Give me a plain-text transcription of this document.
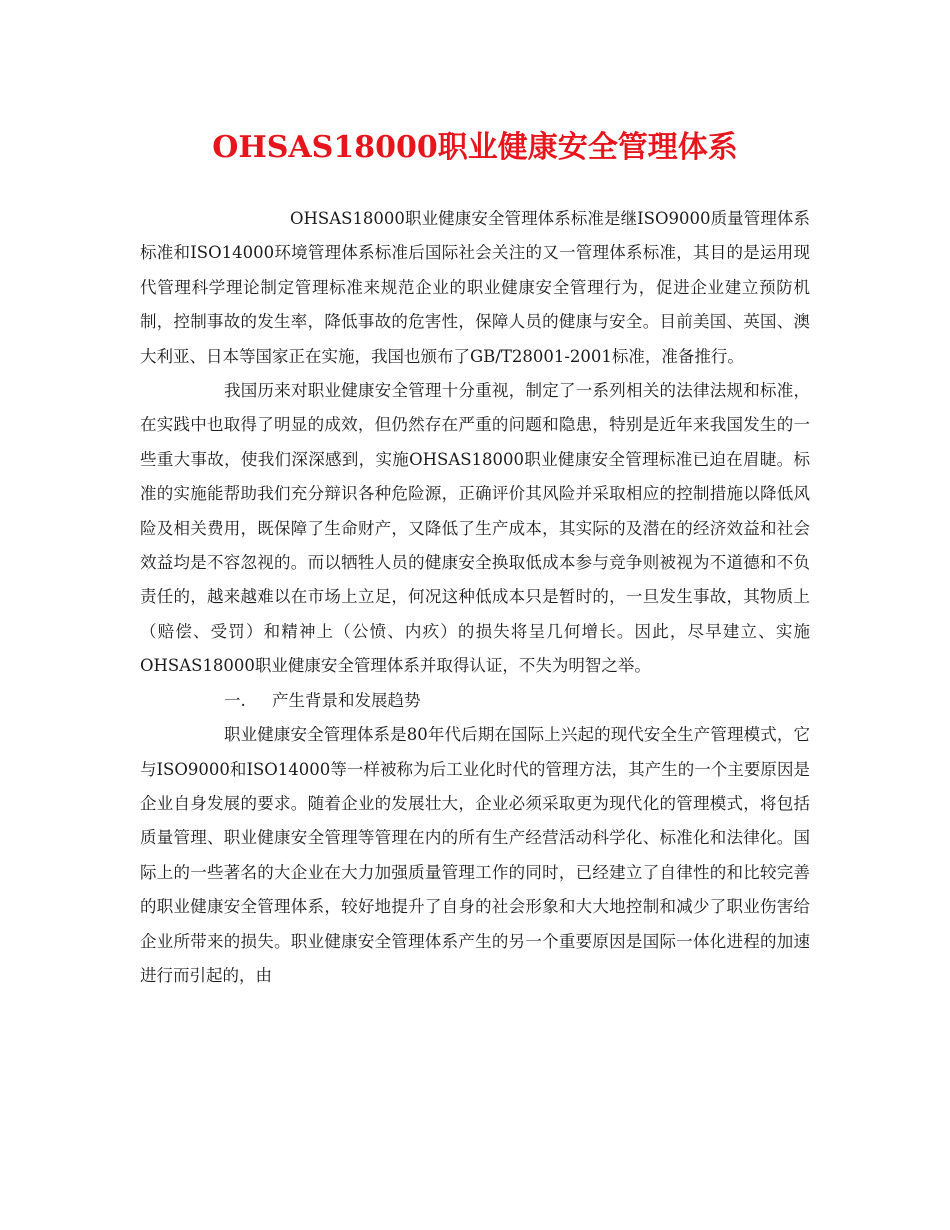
OHSAS18000职业健康安全管理体系

OHSAS18000职业健康安全管理体系标准是继ISO9000质量管理体系标准和ISO14000环境管理体系标准后国际社会关注的又一管理体系标准，其目的是运用现代管理科学理论制定管理标准来规范企业的职业健康安全管理行为，促进企业建立预防机制，控制事故的发生率，降低事故的危害性，保障人员的健康与安全。目前美国、英国、澳大利亚、日本等国家正在实施，我国也颁布了GB/T28001-2001标准，准备推行。

我国历来对职业健康安全管理十分重视，制定了一系列相关的法律法规和标准，在实践中也取得了明显的成效，但仍然存在严重的问题和隐患，特别是近年来我国发生的一些重大事故，使我们深深感到，实施OHSAS18000职业健康安全管理标准已迫在眉睫。标准的实施能帮助我们充分辩识各种危险源，正确评价其风险并采取相应的控制措施以降低风险及相关费用，既保障了生命财产，又降低了生产成本，其实际的及潜在的经济效益和社会效益均是不容忽视的。而以牺牲人员的健康安全换取低成本参与竞争则被视为不道德和不负责任的，越来越难以在市场上立足，何况这种低成本只是暂时的，一旦发生事故，其物质上（赔偿、受罚）和精神上（公愤、内疚）的损失将呈几何增长。因此，尽早建立、实施OHSAS18000职业健康安全管理体系并取得认证，不失为明智之举。

一. 产生背景和发展趋势

职业健康安全管理体系是80年代后期在国际上兴起的现代安全生产管理模式，它与ISO9000和ISO14000等一样被称为后工业化时代的管理方法，其产生的一个主要原因是企业自身发展的要求。随着企业的发展壮大，企业必须采取更为现代化的管理模式，将包括质量管理、职业健康安全管理等管理在内的所有生产经营活动科学化、标准化和法律化。国际上的一些著名的大企业在大力加强质量管理工作的同时，已经建立了自律性的和比较完善的职业健康安全管理体系，较好地提升了自身的社会形象和大大地控制和减少了职业伤害给企业所带来的损失。职业健康安全管理体系产生的另一个重要原因是国际一体化进程的加速进行而引起的，由
